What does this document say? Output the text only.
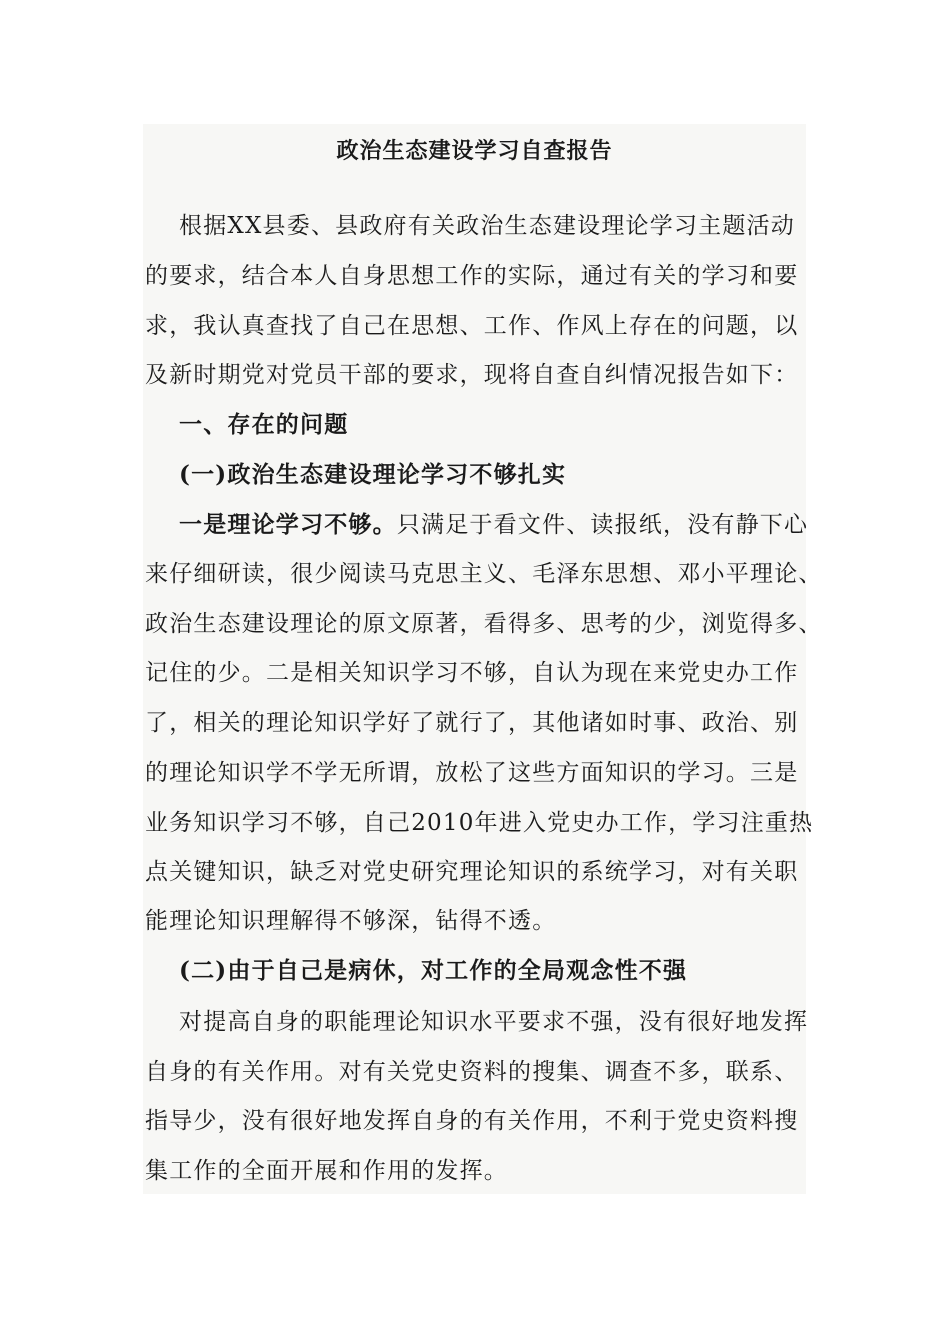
政治生态建设学习自查报告
根据XX县委、县政府有关政治生态建设理论学习主题活动
的要求，结合本人自身思想工作的实际，通过有关的学习和要
求，我认真查找了自己在思想、工作、作风上存在的问题，以
及新时期党对党员干部的要求，现将自查自纠情况报告如下：
一、存在的问题
(一)政治生态建设理论学习不够扎实
一是理论学习不够。只满足于看文件、读报纸，没有静下心
来仔细研读，很少阅读马克思主义、毛泽东思想、邓小平理论、
政治生态建设理论的原文原著，看得多、思考的少，浏览得多、
记住的少。二是相关知识学习不够，自认为现在来党史办工作
了，相关的理论知识学好了就行了，其他诸如时事、政治、别
的理论知识学不学无所谓，放松了这些方面知识的学习。三是
业务知识学习不够，自己2010年进入党史办工作，学习注重热
点关键知识，缺乏对党史研究理论知识的系统学习，对有关职
能理论知识理解得不够深，钻得不透。
(二)由于自己是病休，对工作的全局观念性不强
对提高自身的职能理论知识水平要求不强，没有很好地发挥
自身的有关作用。对有关党史资料的搜集、调查不多，联系、
指导少，没有很好地发挥自身的有关作用，不利于党史资料搜
集工作的全面开展和作用的发挥。
